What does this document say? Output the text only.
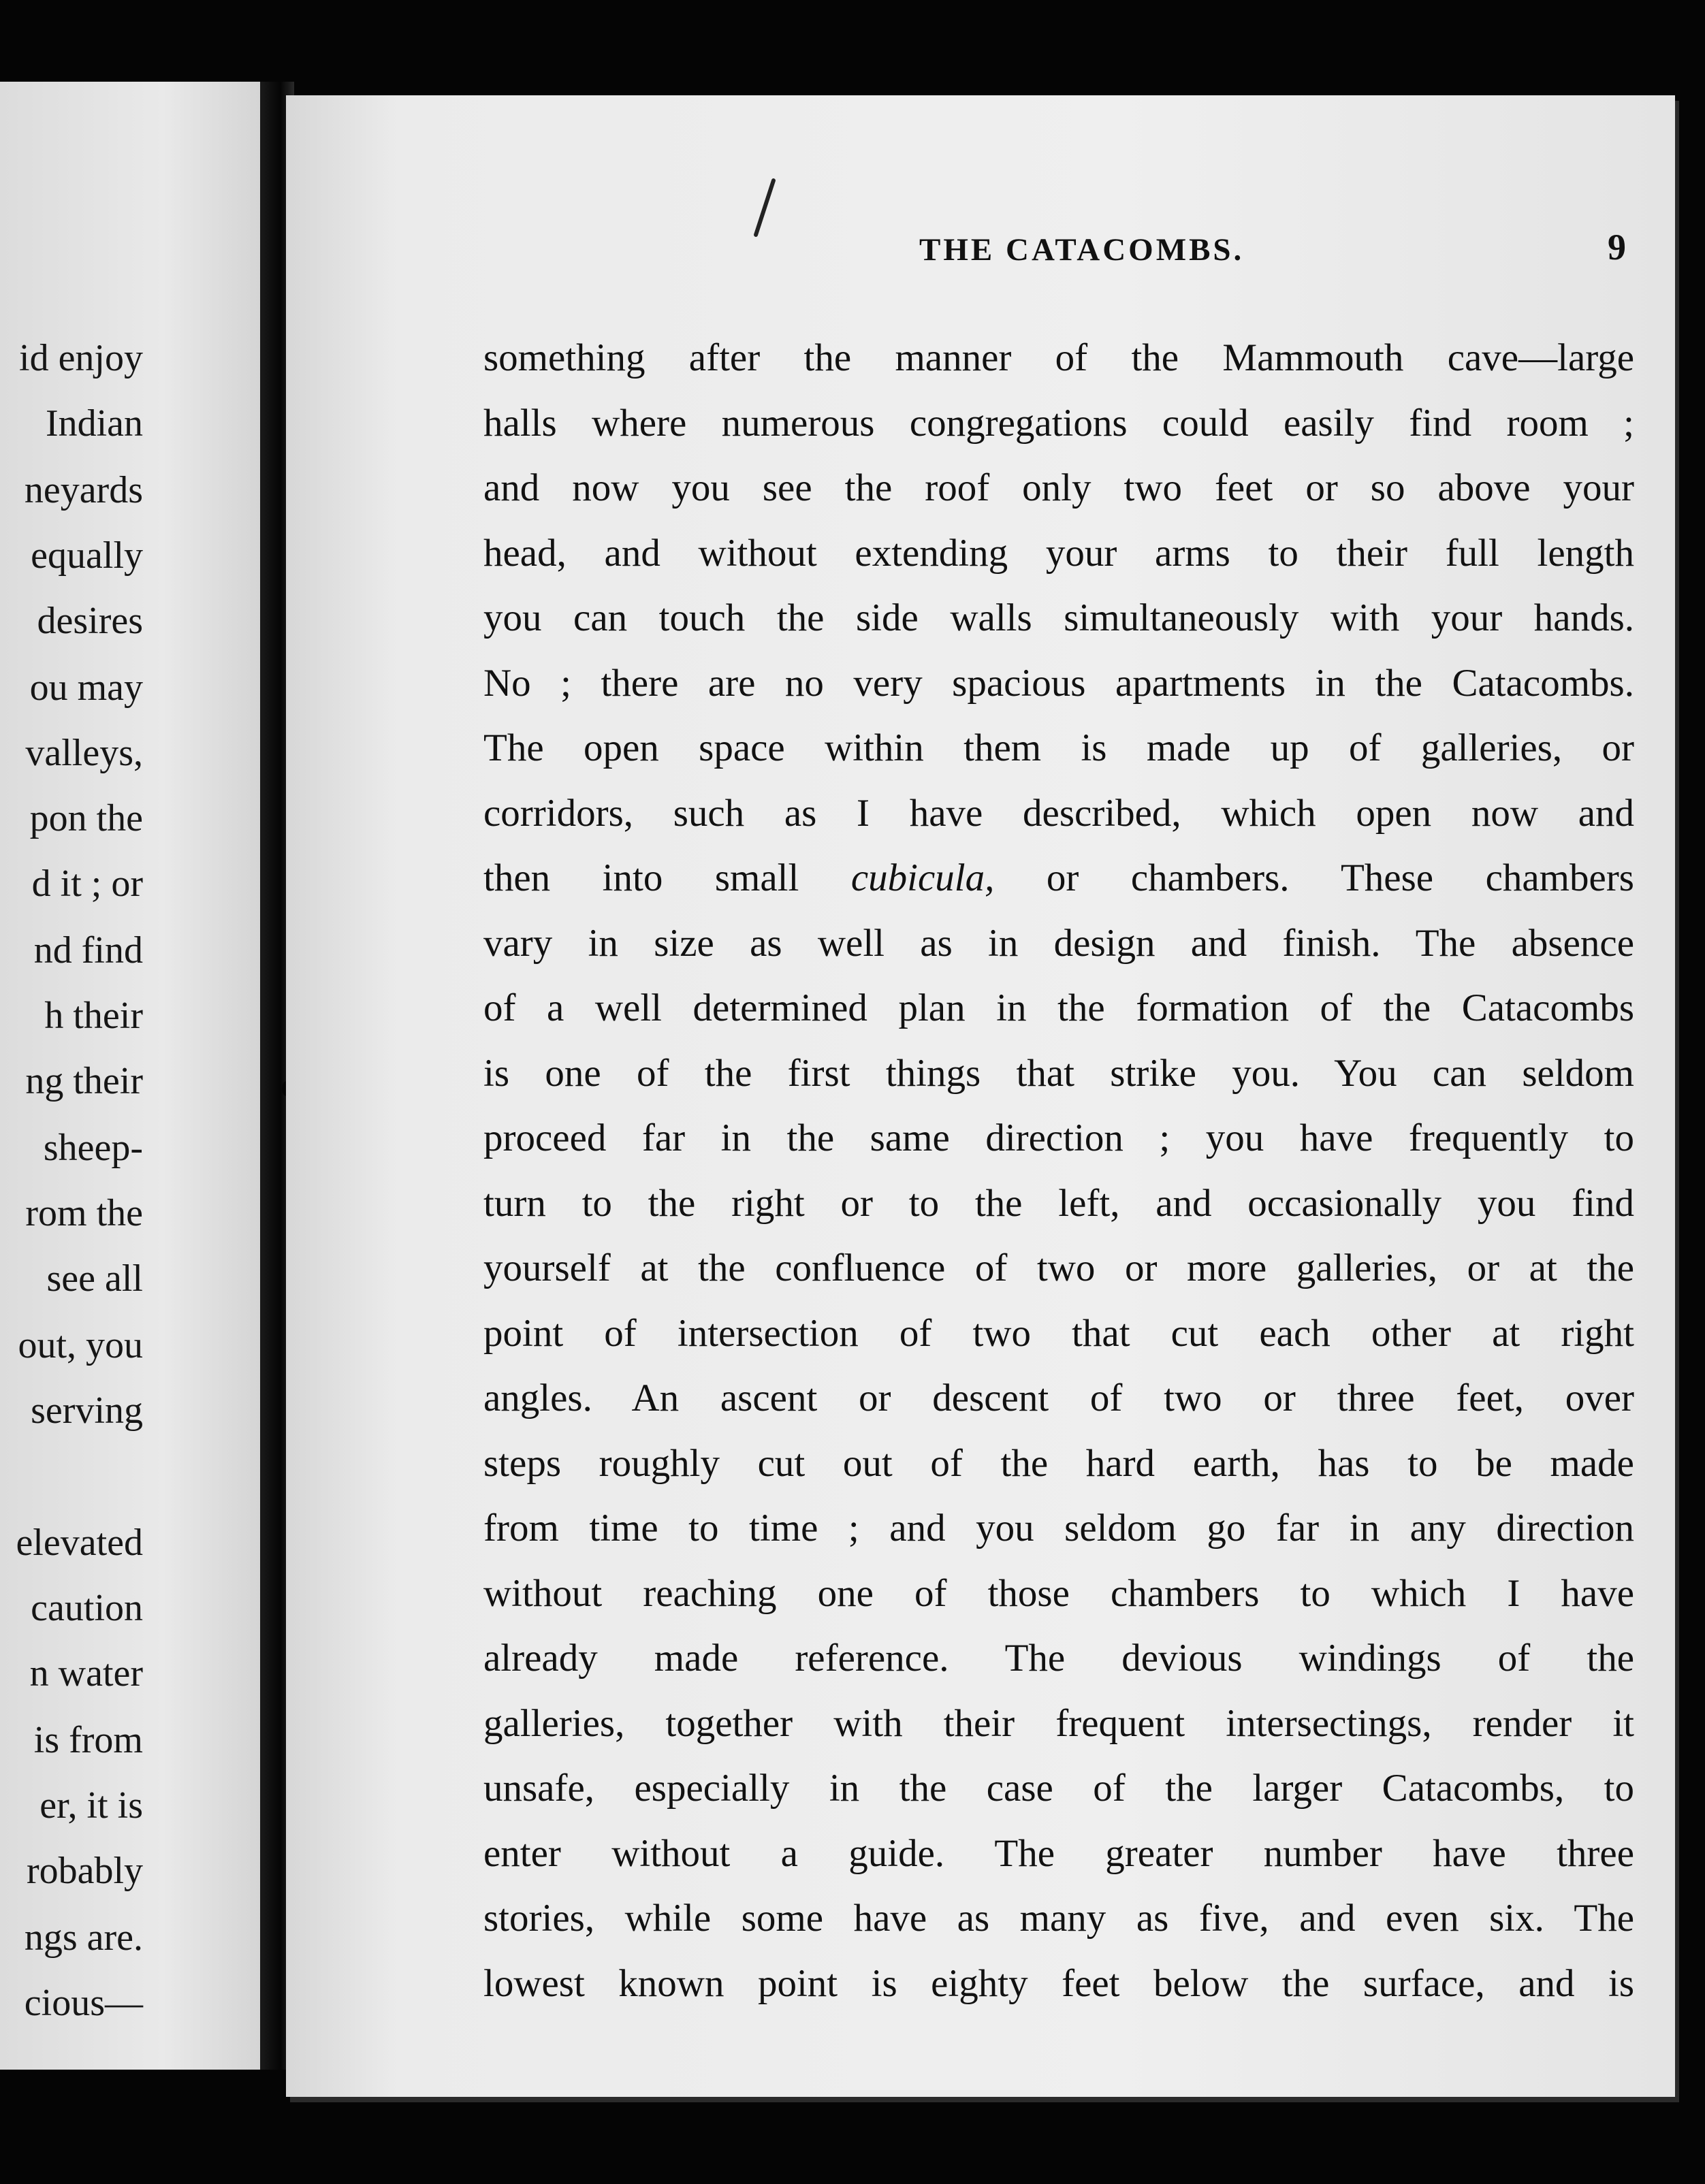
id enjoy
Indian
neyards
equally
desires
ou may
valleys,
pon the
d it ; or
nd find
h their
ng their
sheep-
rom the
see all
out, you
serving
elevated
caution
n water
is from
er, it is
robably
ngs are.
cious—
THE CATACOMBS.	9
something after the manner of the Mammouth cave—large
halls where numerous congregations could easily find room ;
and now you see the roof only two feet or so above your
head, and without extending your arms to their full length
you can touch the side walls simultaneously with your hands.
No ; there are no very spacious apartments in the Catacombs.
The open space within them is made up of galleries, or
corridors, such as I have described, which open now and
then into small cubicula, or chambers. These chambers
vary in size as well as in design and finish. The absence
of a well determined plan in the formation of the Catacombs
is one of the first things that strike you. You can seldom
proceed far in the same direction ; you have frequently to
turn to the right or to the left, and occasionally you find
yourself at the confluence of two or more galleries, or at the
point of intersection of two that cut each other at right
angles. An ascent or descent of two or three feet, over
steps roughly cut out of the hard earth, has to be made
from time to time ; and you seldom go far in any direction
without reaching one of those chambers to which I have
already made reference. The devious windings of the
galleries, together with their frequent intersectings, render it
unsafe, especially in the case of the larger Catacombs, to
enter without a guide. The greater number have three
stories, while some have as many as five, and even six. The
lowest known point is eighty feet below the surface, and is
